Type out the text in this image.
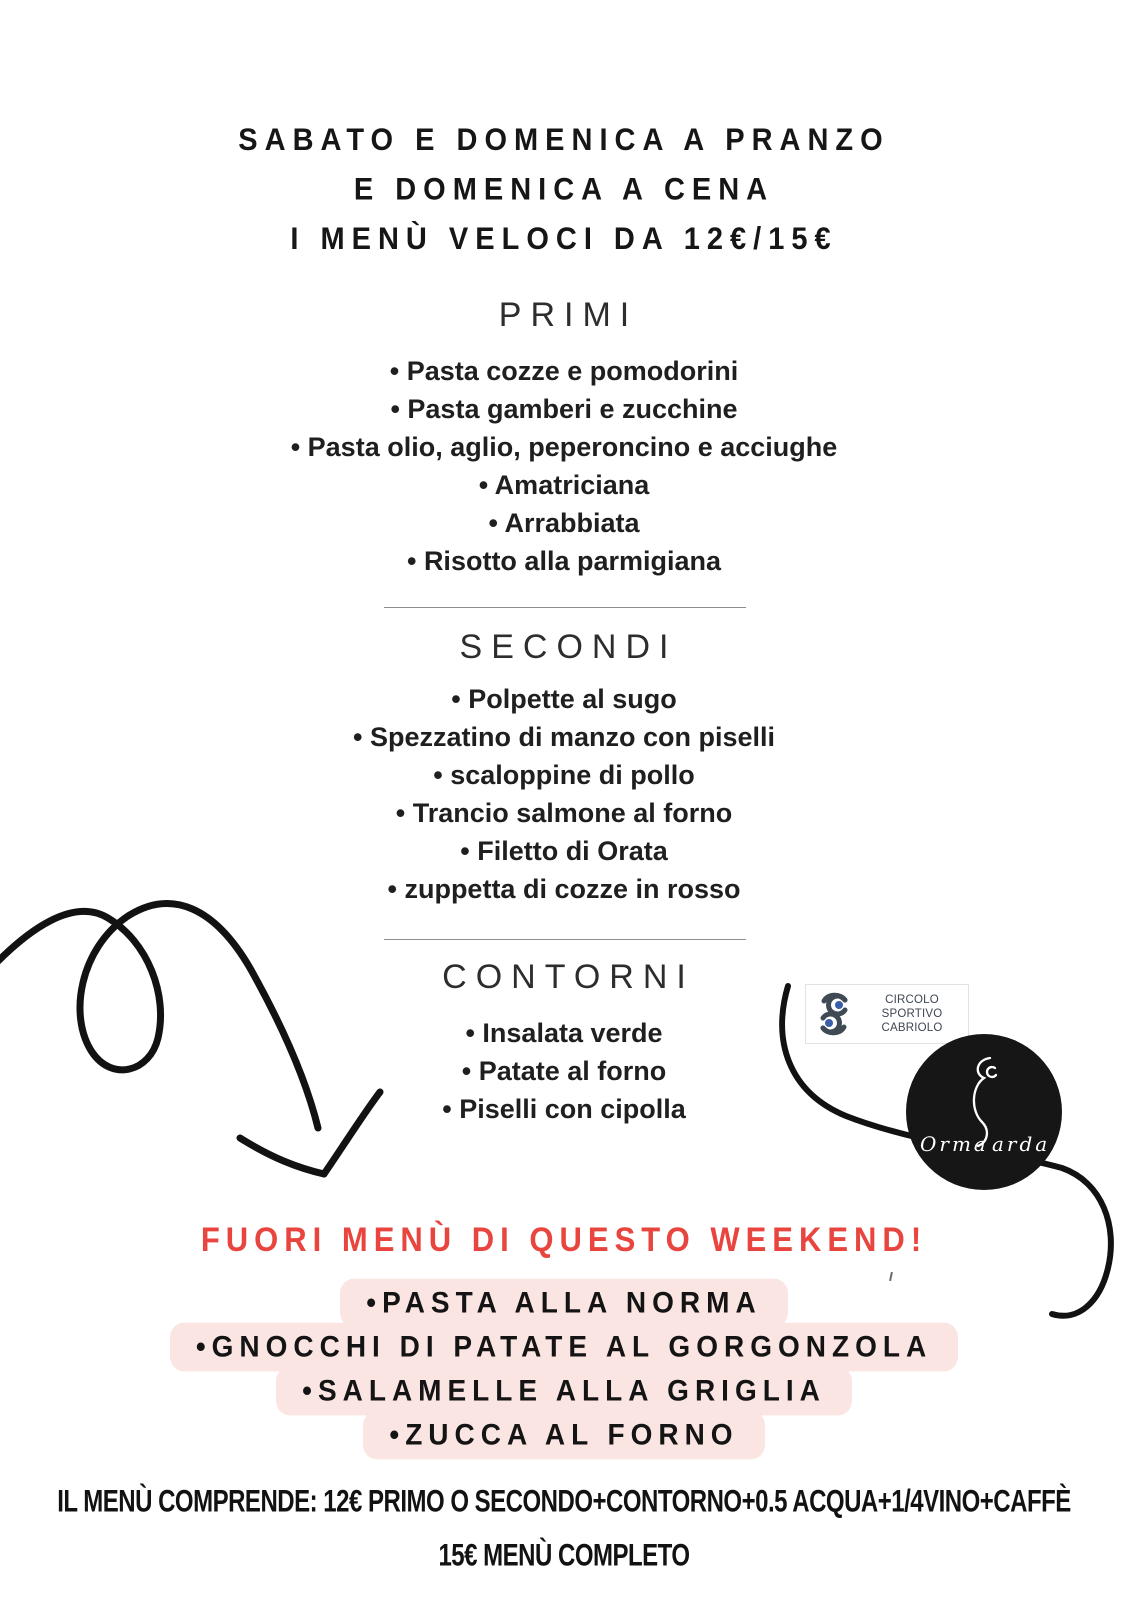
SABATO E DOMENICA A PRANZO
E DOMENICA A CENA
I MENÙ VELOCI DA 12€/15€
PRIMI
• Pasta cozze e pomodorini
• Pasta gamberi e zucchine
• Pasta olio, aglio, peperoncino e acciughe
• Amatriciana
• Arrabbiata
• Risotto alla parmigiana
SECONDI
• Polpette al sugo
• Spezzatino di manzo con piselli
• scaloppine di pollo
• Trancio salmone al forno
• Filetto di Orata
• zuppetta di cozze in rosso
CONTORNI
• Insalata verde
• Patate al forno
• Piselli con cipolla
CIRCOLO SPORTIVO
CABRIOLO
Orma arda
FUORI MENÙ DI QUESTO WEEKEND!
•PASTA ALLA NORMA
•GNOCCHI DI PATATE AL GORGONZOLA
•SALAMELLE ALLA GRIGLIA
•ZUCCA AL FORNO
IL MENÙ COMPRENDE: 12€ PRIMO O SECONDO+CONTORNO+0.5 ACQUA+1/4VINO+CAFFÈ
15€ MENÙ COMPLETO
